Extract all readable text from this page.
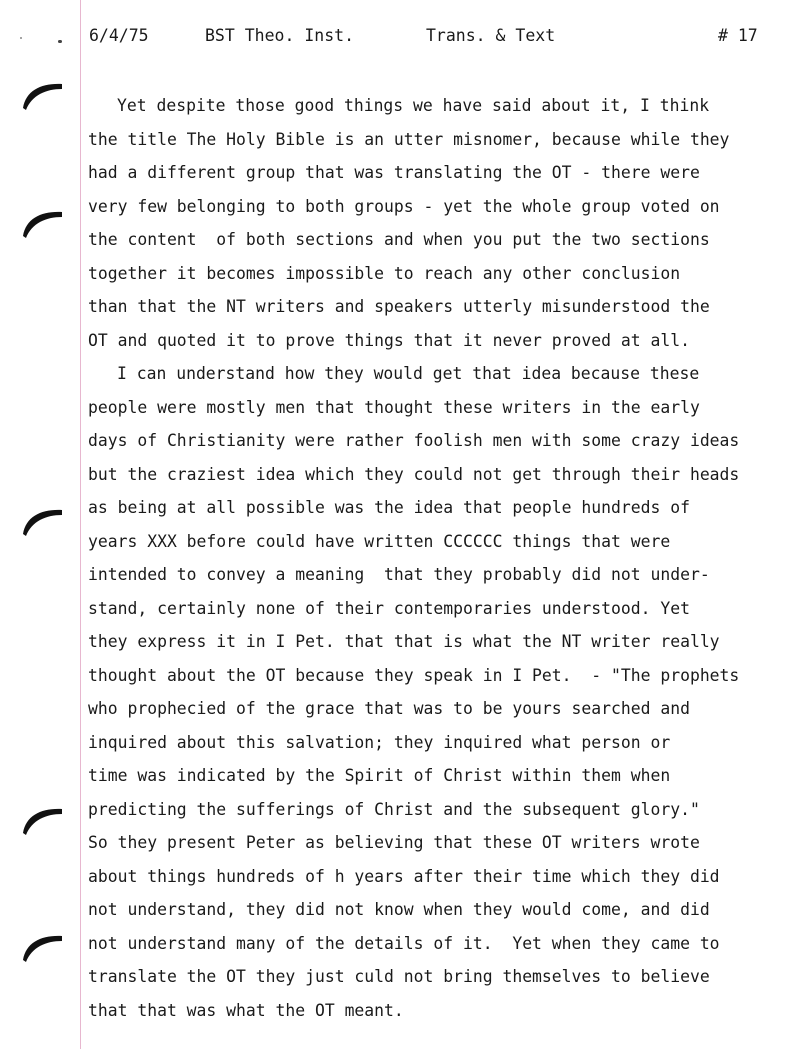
6/4/75	BST Theo. Inst.	Trans. & Text	# 17
Yet despite those good things we have said about it, I think
the title The Holy Bible is an utter misnomer, because while they
had a different group that was translating the OT - there were
very few belonging to both groups - yet the whole group voted on
the content  of both sections and when you put the two sections
together it becomes impossible to reach any other conclusion
than that the NT writers and speakers utterly misunderstood the
OT and quoted it to prove things that it never proved at all.
I can understand how they would get that idea because these
people were mostly men that thought these writers in the early
days of Christianity were rather foolish men with some crazy ideas
but the craziest idea which they could not get through their heads
as being at all possible was the idea that people hundreds of
years XXX before could have written CCCCCC things that were
intended to convey a meaning  that they probably did not under-
stand, certainly none of their contemporaries understood. Yet
they express it in I Pet. that that is what the NT writer really
thought about the OT because they speak in I Pet.  - "The prophets
who prophecied of the grace that was to be yours searched and
inquired about this salvation; they inquired what person or
time was indicated by the Spirit of Christ within them when
predicting the sufferings of Christ and the subsequent glory."
So they present Peter as believing that these OT writers wrote
about things hundreds of h years after their time which they did
not understand, they did not know when they would come, and did
not understand many of the details of it.  Yet when they came to
translate the OT they just culd not bring themselves to believe
that that was what the OT meant.
